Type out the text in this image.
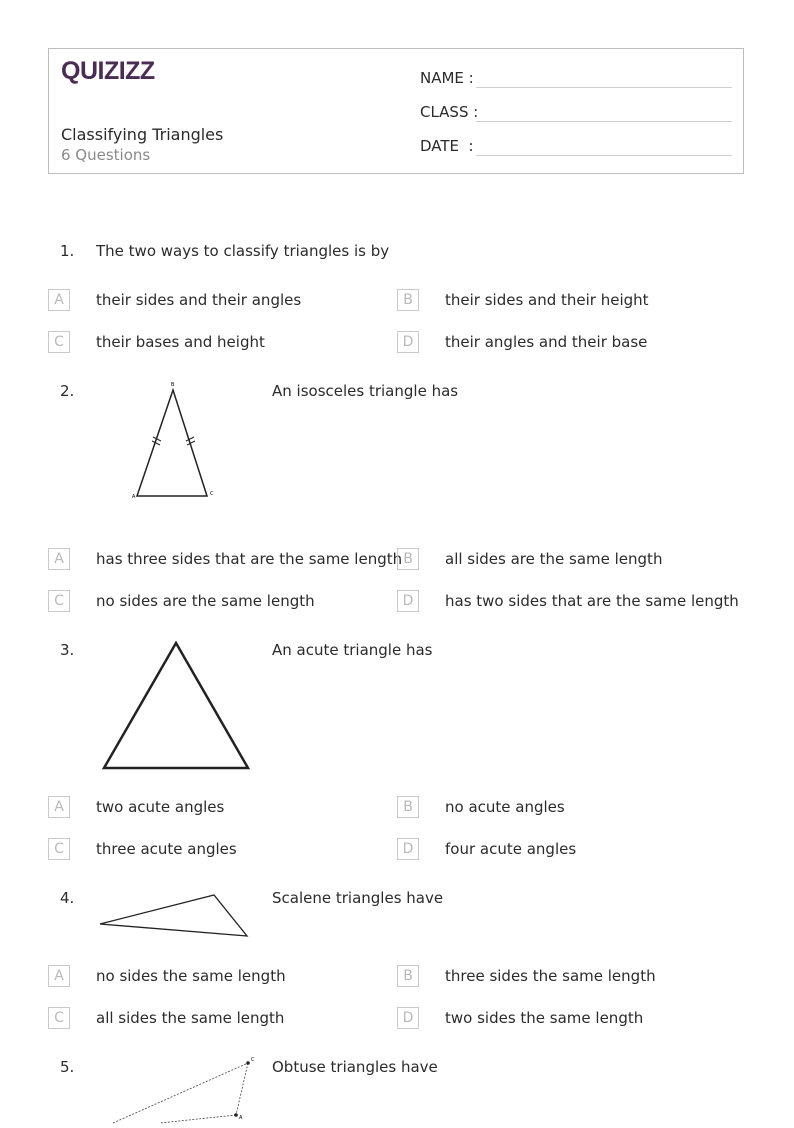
QUIZIZZ
Classifying Triangles
6 Questions
NAME :
CLASS :
DATE  :
1. The two ways to classify triangles is by
A	their sides and their angles	B	their sides and their height
C	their bases and height	D	their angles and their base
2.	An isosceles triangle has
B
A	C
A	has three sides that are the same length B	all sides are the same length
C	no sides are the same length	D	has two sides that are the same length
3.	An acute triangle has
A	two acute angles	B	no acute angles
C	three acute angles	D	four acute angles
4.	Scalene triangles have
A	no sides the same length	B	three sides the same length
C	all sides the same length	D	two sides the same length
5.	Obtuse triangles have
C
A
